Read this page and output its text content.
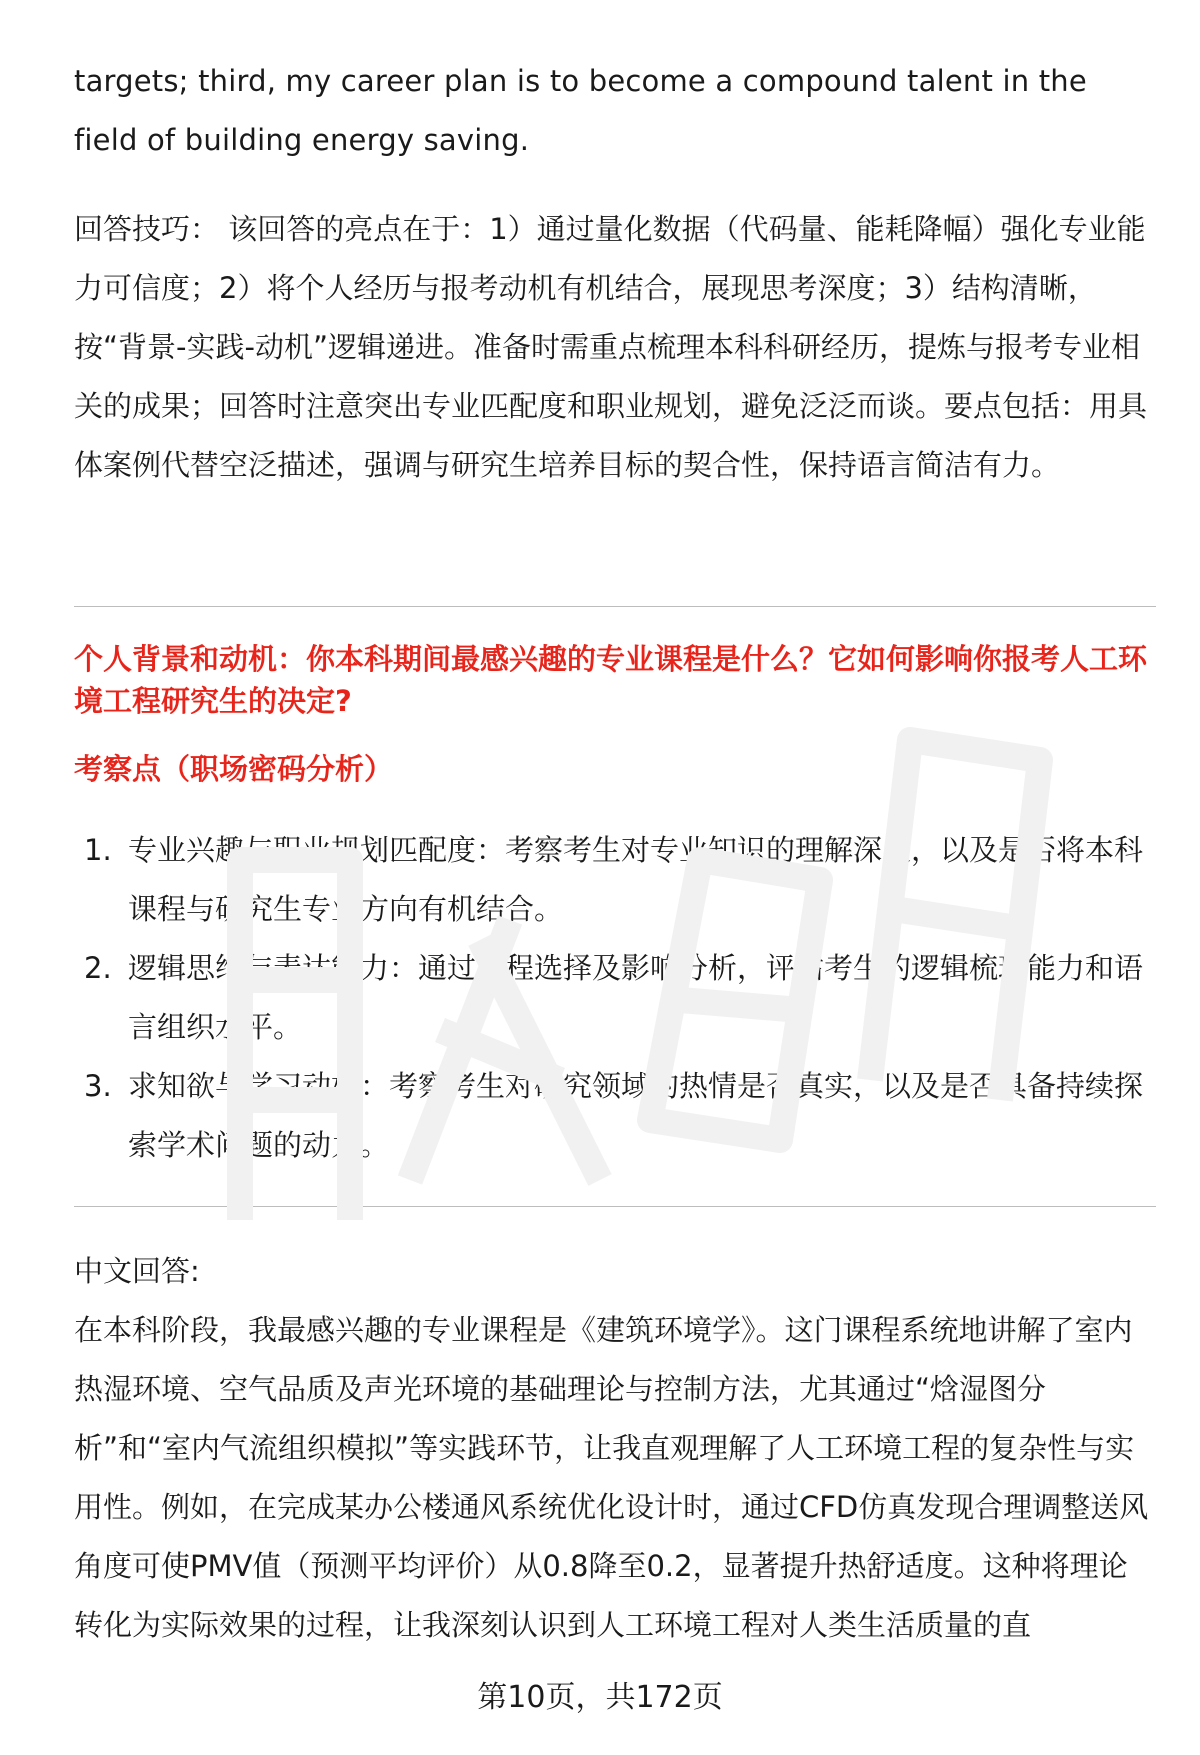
targets; third, my career plan is to become a compound talent in the field of building energy saving.

回答技巧： 该回答的亮点在于：1）通过量化数据（代码量、能耗降幅）强化专业能力可信度；2）将个人经历与报考动机有机结合，展现思考深度；3）结构清晰，按“背景-实践-动机”逻辑递进。准备时需重点梳理本科科研经历，提炼与报考专业相关的成果；回答时注意突出专业匹配度和职业规划，避免泛泛而谈。要点包括：用具体案例代替空泛描述，强调与研究生培养目标的契合性，保持语言简洁有力。

个人背景和动机：你本科期间最感兴趣的专业课程是什么？它如何影响你报考人工环境工程研究生的决定?

考察点（职场密码分析）

1. 专业兴趣与职业规划匹配度：考察考生对专业知识的理解深度，以及是否将本科课程与研究生专业方向有机结合。
2. 逻辑思维与表达能力：通过课程选择及影响分析，评估考生的逻辑梳理能力和语言组织水平。
3. 求知欲与学习动机：考察考生对研究领域的热情是否真实，以及是否具备持续探索学术问题的动力。

中文回答:

在本科阶段，我最感兴趣的专业课程是《建筑环境学》。这门课程系统地讲解了室内热湿环境、空气品质及声光环境的基础理论与控制方法，尤其通过“焓湿图分析”和“室内气流组织模拟”等实践环节，让我直观理解了人工环境工程的复杂性与实用性。例如，在完成某办公楼通风系统优化设计时，通过CFD仿真发现合理调整送风角度可使PMV值（预测平均评价）从0.8降至0.2，显著提升热舒适度。这种将理论转化为实际效果的过程，让我深刻认识到人工环境工程对人类生活质量的直

第10页，共172页
